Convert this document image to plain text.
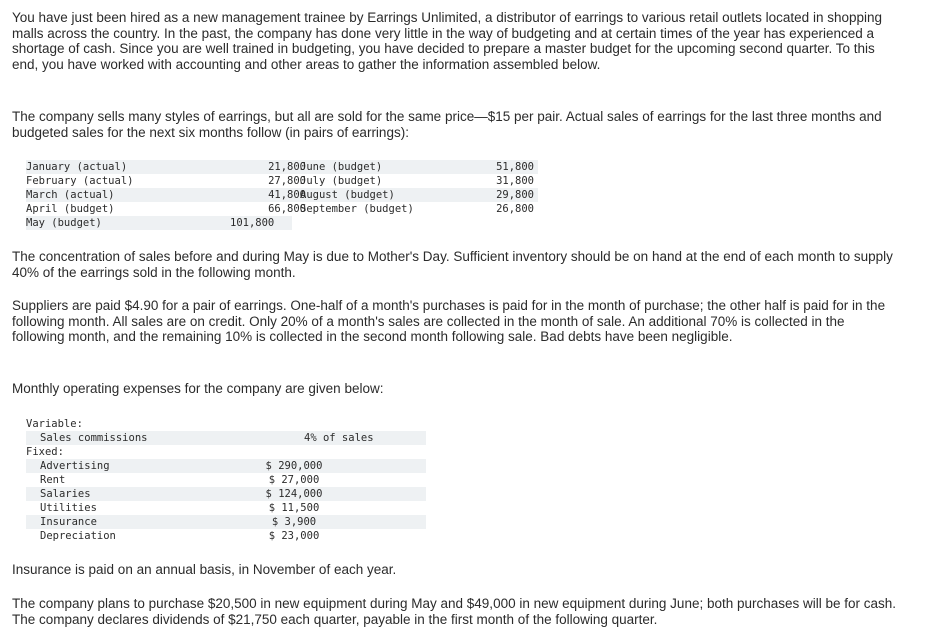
You have just been hired as a new management trainee by Earrings Unlimited, a distributor of earrings to various retail outlets located in shopping malls across the country. In the past, the company has done very little in the way of budgeting and at certain times of the year has experienced a shortage of cash. Since you are well trained in budgeting, you have decided to prepare a master budget for the upcoming second quarter. To this end, you have worked with accounting and other areas to gather the information assembled below.

The company sells many styles of earrings, but all are sold for the same price—$15 per pair. Actual sales of earrings for the last three months and budgeted sales for the next six months follow (in pairs of earrings):

January (actual)	21,800
June (budget)	51,800
February (actual)	27,800
July (budget)	31,800
March (actual)	41,800
August (budget)	29,800
April (budget)	66,800
September (budget)	26,800
May (budget)	101,800

The concentration of sales before and during May is due to Mother's Day. Sufficient inventory should be on hand at the end of each month to supply 40% of the earrings sold in the following month.

Suppliers are paid $4.90 for a pair of earrings. One-half of a month's purchases is paid for in the month of purchase; the other half is paid for in the following month. All sales are on credit. Only 20% of a month's sales are collected in the month of sale. An additional 70% is collected in the following month, and the remaining 10% is collected in the second month following sale. Bad debts have been negligible.

Monthly operating expenses for the company are given below:

Variable:
Sales commissions	4% of sales
Fixed:
Advertising	$ 290,000
Rent	$ 27,000
Salaries	$ 124,000
Utilities	$ 11,500
Insurance	$ 3,900
Depreciation	$ 23,000

Insurance is paid on an annual basis, in November of each year.

The company plans to purchase $20,500 in new equipment during May and $49,000 in new equipment during June; both purchases will be for cash. The company declares dividends of $21,750 each quarter, payable in the first month of the following quarter.
